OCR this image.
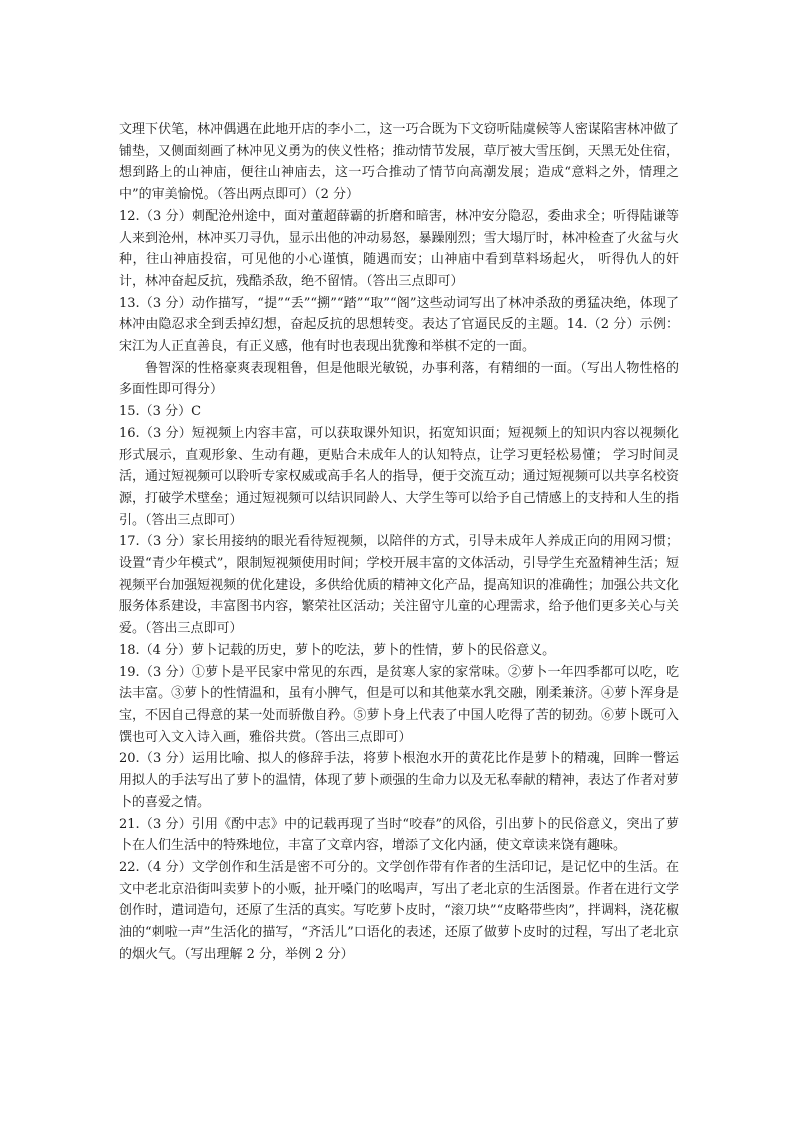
文理下伏笔，林冲偶遇在此地开店的李小二，这一巧合既为下文窃听陆虞候等人密谋陷害林冲做了铺垫，又侧面刻画了林冲见义勇为的侠义性格；推动情节发展，草厅被大雪压倒，天黑无处住宿，想到路上的山神庙，便往山神庙去，这一巧合推动了情节向高潮发展；造成“意料之外，情理之中”的审美愉悦。（答出两点即可）（2 分）

12.（3 分）刺配沧州途中，面对董超薛霸的折磨和暗害，林冲安分隐忍，委曲求全；听得陆谦等人来到沧州，林冲买刀寻仇，显示出他的冲动易怒，暴躁刚烈；雪大塌厅时，林冲检查了火盆与火种，往山神庙投宿，可见他的小心谨慎，随遇而安；山神庙中看到草料场起火， 听得仇人的奸计，林冲奋起反抗，残酷杀敌，绝不留情。（答出三点即可）

13.（3 分）动作描写，“提”“丢”“搠”“踏”“取”“阁”这些动词写出了林冲杀敌的勇猛决绝，体现了林冲由隐忍求全到丢掉幻想，奋起反抗的思想转变。表达了官逼民反的主题。14.（2 分）示例：宋江为人正直善良，有正义感，他有时也表现出犹豫和举棋不定的一面。

鲁智深的性格豪爽表现粗鲁，但是他眼光敏锐，办事利落，有精细的一面。（写出人物性格的多面性即可得分）

15.（3 分）C

16.（3 分）短视频上内容丰富，可以获取课外知识，拓宽知识面；短视频上的知识内容以视频化形式展示，直观形象、生动有趣，更贴合未成年人的认知特点，让学习更轻松易懂； 学习时间灵活，通过短视频可以聆听专家权威或高手名人的指导，便于交流互动；通过短视频可以共享名校资源，打破学术壁垒；通过短视频可以结识同龄人、大学生等可以给予自己情感上的支持和人生的指引。（答出三点即可）

17.（3 分）家长用接纳的眼光看待短视频，以陪伴的方式，引导未成年人养成正向的用网习惯；设置“青少年模式”，限制短视频使用时间；学校开展丰富的文体活动，引导学生充盈精神生活；短视频平台加强短视频的优化建设，多供给优质的精神文化产品，提高知识的准确性；加强公共文化服务体系建设，丰富图书内容，繁荣社区活动；关注留守儿童的心理需求，给予他们更多关心与关爱。（答出三点即可）

18.（4 分）萝卜记载的历史，萝卜的吃法，萝卜的性情，萝卜的民俗意义。

19.（3 分）①萝卜是平民家中常见的东西，是贫寒人家的家常味。②萝卜一年四季都可以吃，吃法丰富。③萝卜的性情温和，虽有小脾气，但是可以和其他菜水乳交融，刚柔兼济。④萝卜浑身是宝，不因自己得意的某一处而骄傲自矜。⑤萝卜身上代表了中国人吃得了苦的韧劲。⑥萝卜既可入馔也可入文入诗入画，雅俗共赏。（答出三点即可）

20.（3 分）运用比喻、拟人的修辞手法，将萝卜根泡水开的黄花比作是萝卜的精魂，回眸一瞥运用拟人的手法写出了萝卜的温情，体现了萝卜顽强的生命力以及无私奉献的精神，表达了作者对萝卜的喜爱之情。

21.（3 分）引用《酌中志》中的记载再现了当时“咬春”的风俗，引出萝卜的民俗意义，突出了萝卜在人们生活中的特殊地位，丰富了文章内容，增添了文化内涵，使文章读来饶有趣味。

22.（4 分）文学创作和生活是密不可分的。文学创作带有作者的生活印记，是记忆中的生活。在文中老北京沿街叫卖萝卜的小贩，扯开嗓门的吆喝声，写出了老北京的生活图景。作者在进行文学创作时，遣词造句，还原了生活的真实。写吃萝卜皮时，“滚刀块”“皮略带些肉”，拌调料，浇花椒油的“刺啦一声”生活化的描写，“齐活儿”口语化的表述，还原了做萝卜皮时的过程，写出了老北京的烟火气。（写出理解 2 分，举例 2 分）
